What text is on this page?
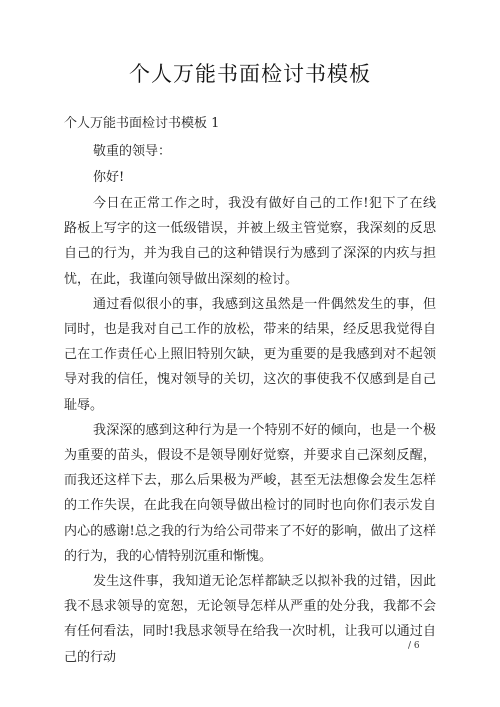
个人万能书面检讨书模板
个人万能书面检讨书模板 1
敬重的领导：
你好!

今日在正常工作之时，我没有做好自己的工作!犯下了在线路板上写字的这一低级错误，并被上级主管觉察，我深刻的反思自己的行为，并为我自己的这种错误行为感到了深深的内疚与担忧，在此，我谨向领导做出深刻的检讨。

通过看似很小的事，我感到这虽然是一件偶然发生的事，但同时，也是我对自己工作的放松，带来的结果，经反思我觉得自己在工作责任心上照旧特别欠缺，更为重要的是我感到对不起领导对我的信任，愧对领导的关切，这次的事使我不仅感到是自己耻辱。

我深深的感到这种行为是一个特别不好的倾向，也是一个极为重要的苗头，假设不是领导刚好觉察，并要求自己深刻反醒，而我还这样下去，那么后果极为严峻，甚至无法想像会发生怎样的工作失误，在此我在向领导做出检讨的同时也向你们表示发自内心的感谢!总之我的行为给公司带来了不好的影响，做出了这样的行为，我的心情特别沉重和惭愧。

发生这件事，我知道无论怎样都缺乏以拟补我的过错，因此我不恳求领导的宽恕，无论领导怎样从严重的处分我，我都不会有任何看法，同时!我恳求领导在给我一次时机，让我可以通过自己的行动

/ 6
